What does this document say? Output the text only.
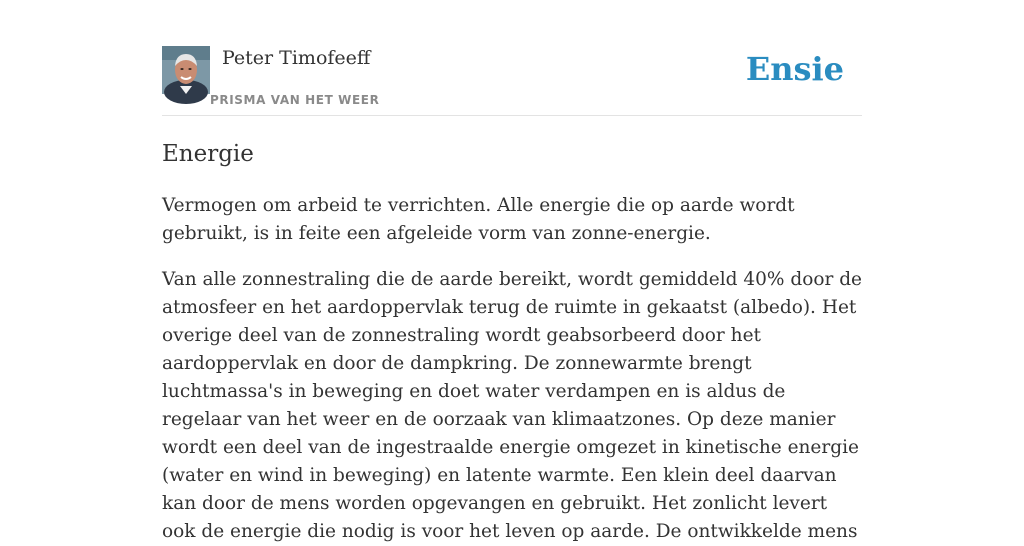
Peter Timofeeff
PRISMA VAN HET WEER
Ensie
Energie

Vermogen om arbeid te verrichten. Alle energie die op aarde wordt gebruikt, is in feite een afgeleide vorm van zonne-energie.

Van alle zonnestraling die de aarde bereikt, wordt gemiddeld 40% door de atmosfeer en het aardoppervlak terug de ruimte in gekaatst (albedo). Het overige deel van de zonnestraling wordt geabsorbeerd door het aardoppervlak en door de dampkring. De zonnewarmte brengt luchtmassa's in beweging en doet water verdampen en is aldus de regelaar van het weer en de oorzaak van klimaatzones. Op deze manier wordt een deel van de ingestraalde energie omgezet in kinetische energie (water en wind in beweging) en latente warmte. Een klein deel daarvan kan door de mens worden opgevangen en gebruikt. Het zonlicht levert ook de energie die nodig is voor het leven op aarde. De ontwikkelde mens
